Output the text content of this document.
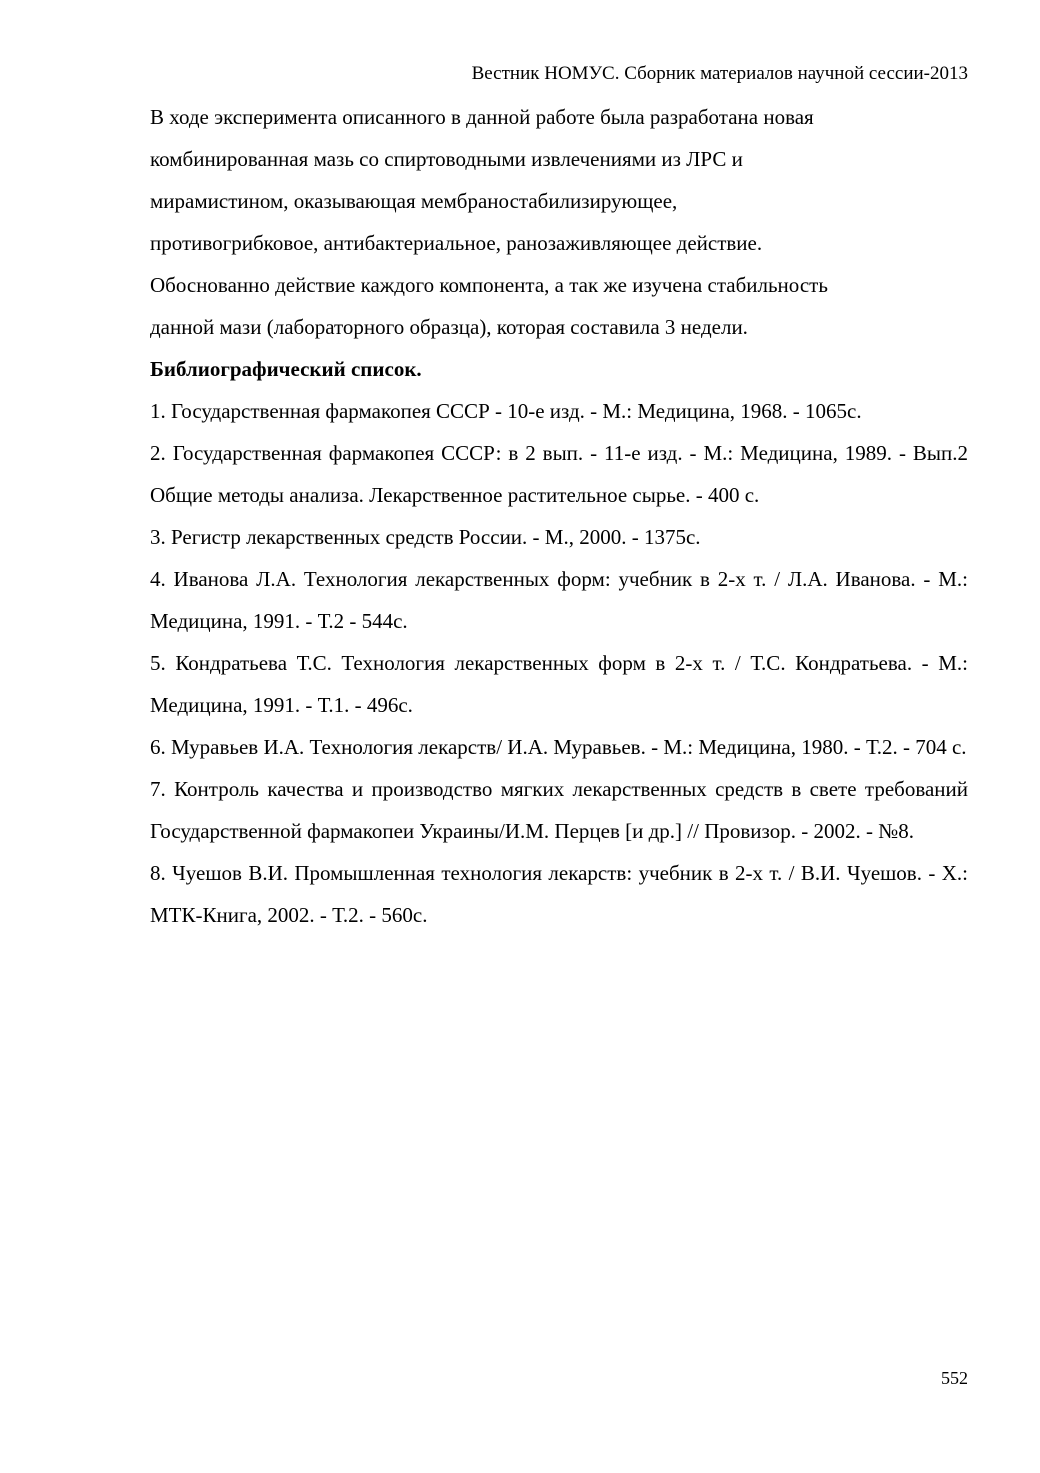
Вестник НОМУС. Сборник материалов научной сессии-2013

В ходе эксперимента описанного в данной работе была разработана новая
комбинированная мазь со спиртоводными извлечениями из ЛРС и
мирамистином, оказывающая мембраностабилизирующее,
противогрибковое, антибактериальное, ранозаживляющее действие.
Обоснованно действие каждого компонента, а так же изучена стабильность
данной мази (лабораторного образца), которая составила 3 недели.

Библиографический список.
1. Государственная фармакопея СССР - 10-е изд. - М.: Медицина, 1968. - 1065с.
2. Государственная фармакопея СССР: в 2 вып. - 11-е изд. - М.: Медицина, 1989. - Вып.2 Общие методы анализа. Лекарственное растительное сырье. - 400 с.
3. Регистр лекарственных средств России. - М., 2000. - 1375с.
4. Иванова Л.А. Технология лекарственных форм: учебник в 2-х т. / Л.А. Иванова. - М.: Медицина, 1991. - Т.2 - 544с.
5. Кондратьева Т.С. Технология лекарственных форм в 2-х т. / Т.С. Кондратьева. - М.: Медицина, 1991. - Т.1. - 496с.
6. Муравьев И.А. Технология лекарств/ И.А. Муравьев. - М.: Медицина, 1980. - Т.2. - 704 с.
7. Контроль качества и производство мягких лекарственных средств в свете требований Государственной фармакопеи Украины/И.М. Перцев [и др.] // Провизор. - 2002. - №8.
8. Чуешов В.И. Промышленная технология лекарств: учебник в 2-х т. / В.И. Чуешов. - Х.: МТК-Книга, 2002. - Т.2. - 560с.
552
